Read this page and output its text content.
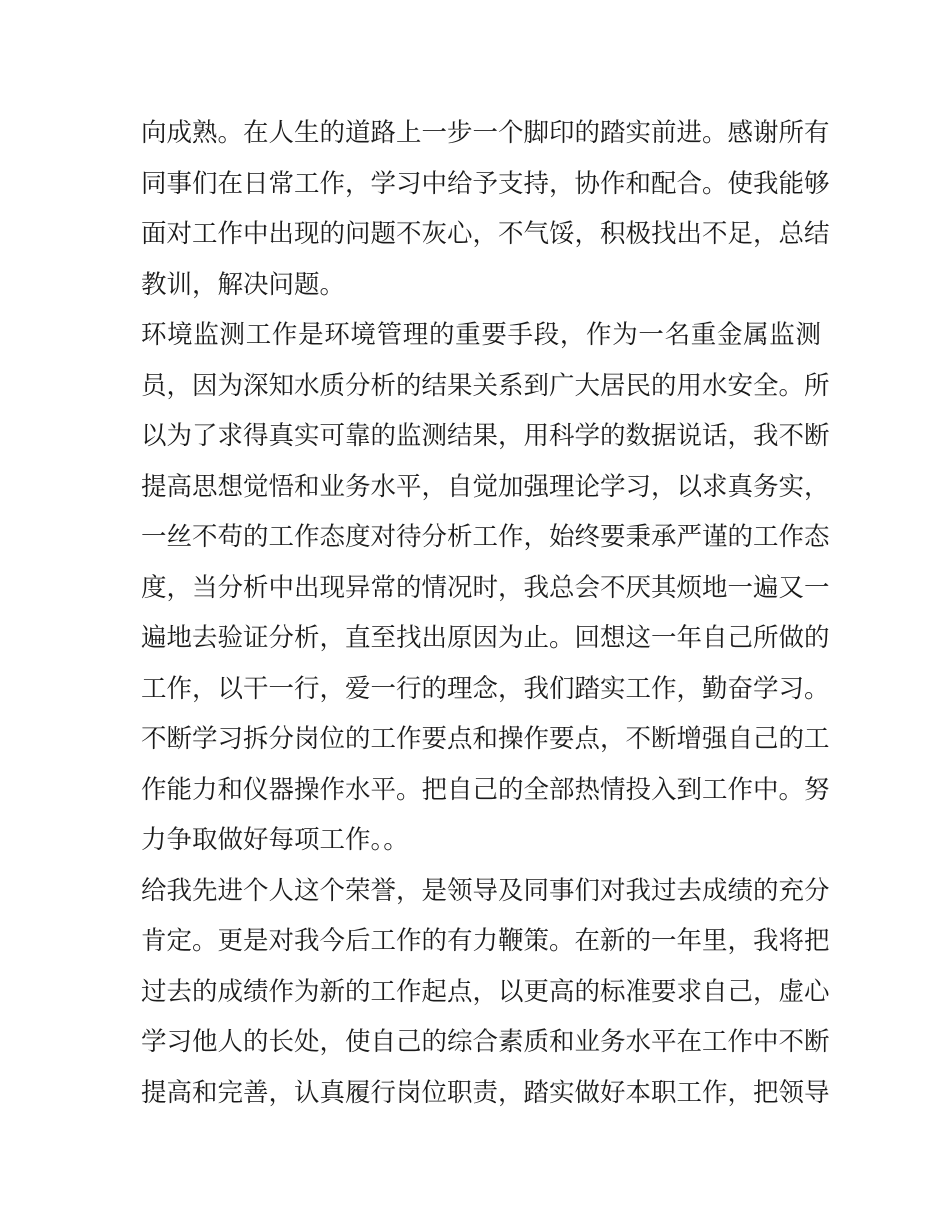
向成熟。在人生的道路上一步一个脚印的踏实前进。感谢所有
同事们在日常工作，学习中给予支持，协作和配合。使我能够
面对工作中出现的问题不灰心，不气馁，积极找出不足，总结
教训，解决问题。
环境监测工作是环境管理的重要手段，作为一名重金属监测
员，因为深知水质分析的结果关系到广大居民的用水安全。所
以为了求得真实可靠的监测结果，用科学的数据说话，我不断
提高思想觉悟和业务水平，自觉加强理论学习，以求真务实，
一丝不苟的工作态度对待分析工作，始终要秉承严谨的工作态
度，当分析中出现异常的情况时，我总会不厌其烦地一遍又一
遍地去验证分析，直至找出原因为止。回想这一年自己所做的
工作，以干一行，爱一行的理念，我们踏实工作，勤奋学习。
不断学习拆分岗位的工作要点和操作要点，不断增强自己的工
作能力和仪器操作水平。把自己的全部热情投入到工作中。努
力争取做好每项工作。。
给我先进个人这个荣誉，是领导及同事们对我过去成绩的充分
肯定。更是对我今后工作的有力鞭策。在新的一年里，我将把
过去的成绩作为新的工作起点，以更高的标准要求自己，虚心
学习他人的长处，使自己的综合素质和业务水平在工作中不断
提高和完善，认真履行岗位职责，踏实做好本职工作，把领导
